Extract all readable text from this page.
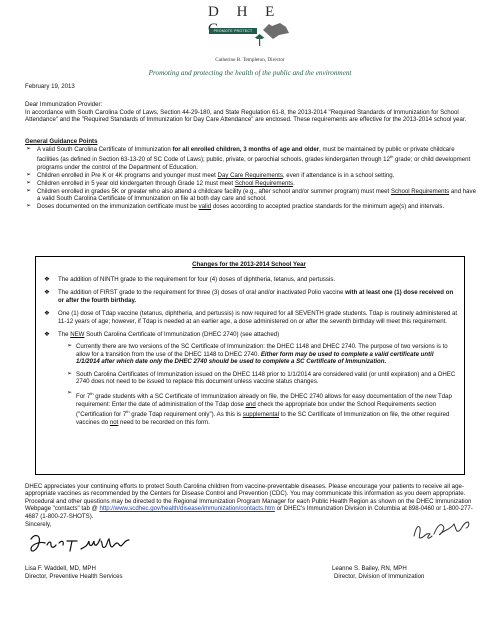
D H E
PROMOTE PROTECT PROSPER
Catherine B. Templeton, Director
Promoting and protecting the health of the public and the environment
February 19, 2013
Dear Immunization Provider:
In accordance with South Carolina Code of Laws, Section 44-29-180, and State Regulation 61-8, the 2013-2014 "Required Standards of Immunization for School Attendance" and the "Required Standards of Immunization for Day Care Attendance" are enclosed. These requirements are effective for the 2013-2014 school year.
General Guidance Points
➢ A valid South Carolina Certificate of Immunization for all enrolled children, 3 months of age and older, must be maintained by public or private childcare facilities (as defined in Section 63-13-20 of SC Code of Laws); public, private, or parochial schools, grades kindergarten through 12th grade; or child development programs under the control of the Department of Education.
➢ Children enrolled in Pre K or 4K programs and younger must meet Day Care Requirements, even if attendance is in a school setting.
➢ Children enrolled in 5 year old kindergarten through Grade 12 must meet School Requirements.
➢ Children enrolled in grades 5K or greater who also attend a childcare facility (e.g., after school and/or summer program) must meet School Requirements and have a valid South Carolina Certificate of Immunization on file at both day care and school.
➢ Doses documented on the immunization certificate must be valid doses according to accepted practice standards for the minimum age(s) and intervals.
Changes for the 2013-2014 School Year
❖ The addition of NINTH grade to the requirement for four (4) doses of diphtheria, tetanus, and pertussis.
❖ The addition of FIRST grade to the requirement for three (3) doses of oral and/or inactivated Polio vaccine with at least one (1) dose received on or after the fourth birthday.
❖ One (1) dose of Tdap vaccine (tetanus, diphtheria, and pertussis) is now required for all SEVENTH grade students. Tdap is routinely administered at 11-12 years of age; however, if Tdap is needed at an earlier age, a dose administered on or after the seventh birthday will meet this requirement.
❖ The NEW South Carolina Certificate of Immunization (DHEC 2740) (see attached)
➢ Currently there are two versions of the SC Certificate of Immunization: the DHEC 1148 and DHEC 2740. The purpose of two versions is to allow for a transition from the use of the DHEC 1148 to DHEC 2740. Either form may be used to complete a valid certificate until 1/1/2014 after which date only the DHEC 2740 should be used to complete a SC Certificate of Immunization.
➢ South Carolina Certificates of Immunization issued on the DHEC 1148 prior to 1/1/2014 are considered valid (or until expiration) and a DHEC 2740 does not need to be issued to replace this document unless vaccine status changes.
➢
For 7th grade students with a SC Certificate of Immunization already on file, the DHEC 2740 allows for easy documentation of the new Tdap requirement: Enter the date of administration of the Tdap dose and check the appropriate box under the School Requirements section ("Certification for 7th grade Tdap requirement only"). As this is supplemental to the SC Certificate of Immunization on file, the other required vaccines do not need to be recorded on this form.
DHEC appreciates your continuing efforts to protect South Carolina children from vaccine-preventable diseases. Please encourage your patients to receive all age-appropriate vaccines as recommended by the Centers for Disease Control and Prevention (CDC). You may communicate this information as you deem appropriate. Procedural and other questions may be directed to the Regional Immunization Program Manager for each Public Health Region as shown on the DHEC Immunization Webpage "contacts" tab @ http://www.scdhec.gov/health/disease/immunization/contacts.htm or DHEC's Immunization Division in Columbia at 898-0460 or 1-800-277-4687 (1-800-27-SHOTS).
Sincerely,
Lisa F. Waddell, MD, MPH
Director, Preventive Health Services
Leanne S. Bailey, RN, MPH
Director, Division of Immunization
